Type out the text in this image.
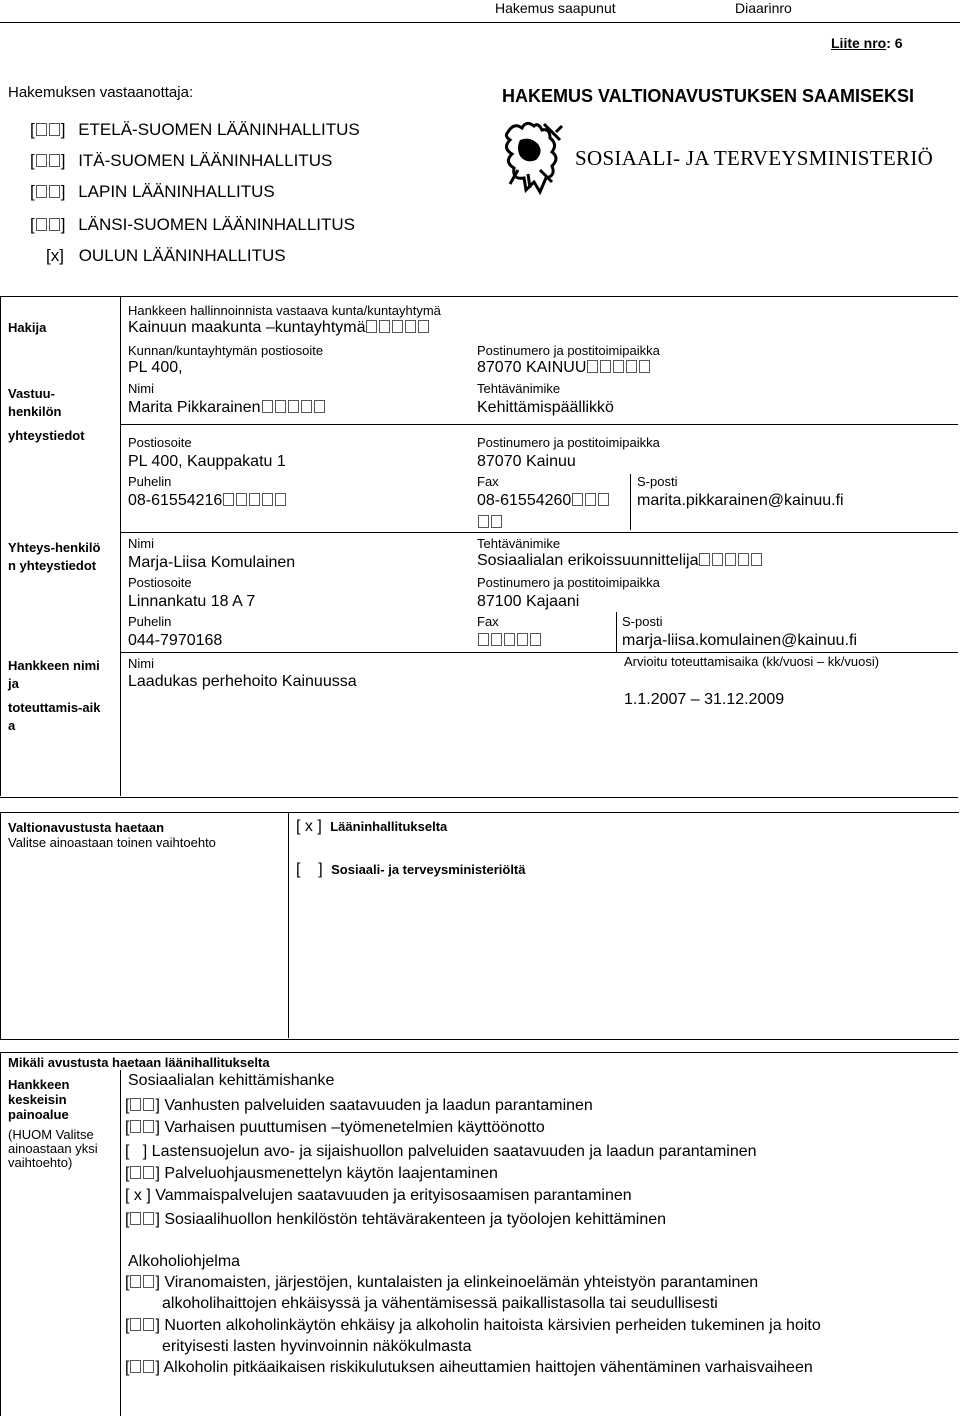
Hakemus saapunut	Diaarinro
Liite nro: 6
Hakemuksen vastaanottaja:
[ ] ETELÄ-SUOMEN LÄÄNINHALLITUS
[ ] ITÄ-SUOMEN LÄÄNINHALLITUS
[ ] LAPIN LÄÄNINHALLITUS
[ ] LÄNSI-SUOMEN LÄÄNINHALLITUS
[x] OULUN LÄÄNINHALLITUS
HAKEMUS VALTIONAVUSTUKSEN SAAMISEKSI
SOSIAALI- JA TERVEYSMINISTERIÖ
Hakija
Vastuu-
henkilön
yhteystiedot
Yhteys-henkilö
n yhteystiedot
Hankkeen nimi
ja
toteuttamis-aik
a
Hankkeen hallinnoinnista vastaava kunta/kuntayhtymä
Kainuun maakunta –kuntayhtymä
Kunnan/kuntayhtymän postiosoite
PL 400,
Postinumero ja postitoimipaikka
87070 KAINUU
Nimi
Marita Pikkarainen
Tehtävänimike
Kehittämispäällikkö
Postiosoite
PL 400, Kauppakatu 1
Postinumero ja postitoimipaikka
87070 Kainuu
Puhelin
08-61554216
Fax
08-61554260
S-posti
marita.pikkarainen@kainuu.fi
Nimi
Marja-Liisa Komulainen
Tehtävänimike
Sosiaalialan erikoissuunnittelija
Postiosoite
Linnankatu 18 A 7
Postinumero ja postitoimipaikka
87100 Kajaani
Puhelin
044-7970168
Fax	S-posti
marja-liisa.komulainen@kainuu.fi
Nimi
Laadukas perhehoito Kainuussa
Arvioitu toteuttamisaika (kk/vuosi – kk/vuosi)
1.1.2007 – 31.12.2009
Valtionavustusta haetaan
Valitse ainoastaan toinen vaihtoehto
[ x ] Lääninhallitukselta
[    ] Sosiaali- ja terveysministeriöltä
Mikäli avustusta haetaan läänihallitukselta
Hankkeen
keskeisin
painoalue
(HUOM Valitse
ainoastaan yksi
vaihtoehto)
Sosiaalialan kehittämishanke
[ ] Vanhusten palveluiden saatavuuden ja laadun parantaminen
[ ] Varhaisen puuttumisen –työmenetelmien käyttöönotto
[   ] Lastensuojelun avo- ja sijaishuollon palveluiden saatavuuden ja laadun parantaminen
[ ] Palveluohjausmenettelyn käytön laajentaminen
[ x ] Vammaispalvelujen saatavuuden ja erityisosaamisen parantaminen
[ ] Sosiaalihuollon henkilöstön tehtävärakenteen ja työolojen kehittäminen
Alkoholiohjelma
[ ] Viranomaisten, järjestöjen, kuntalaisten ja elinkeinoelämän yhteistyön parantaminen
alkoholihaittojen ehkäisyssä ja vähentämisessä paikallistasolla tai seudullisesti
[ ] Nuorten alkoholinkäytön ehkäisy ja alkoholin haitoista kärsivien perheiden tukeminen ja hoito
erityisesti lasten hyvinvoinnin näkökulmasta
[ ] Alkoholin pitkäaikaisen riskikulutuksen aiheuttamien haittojen vähentäminen varhaisvaiheen
